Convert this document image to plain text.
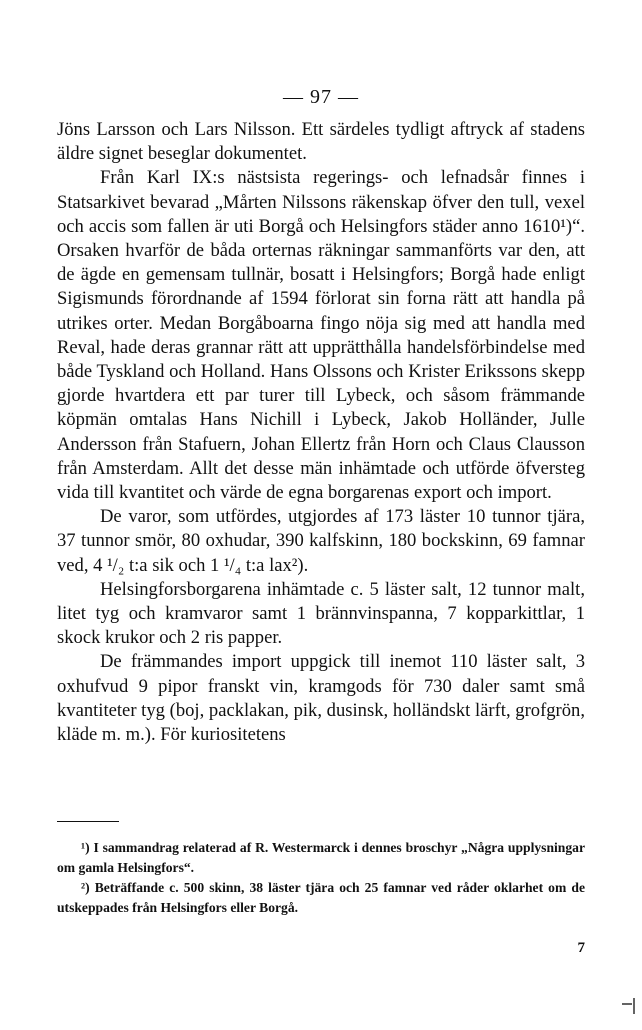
— 97 —

Jöns Larsson och Lars Nilsson. Ett särdeles tydligt aftryck af stadens äldre signet beseglar dokumentet.

Från Karl IX:s nästsista regerings- och lefnadsår finnes i Statsarkivet bevarad „Mårten Nilssons räkenskap öfver den tull, vexel och accis som fallen är uti Borgå och Helsingfors städer anno 1610¹)“. Orsaken hvarför de båda orternas räkningar sammanförts var den, att de ägde en gemensam tullnär, bosatt i Helsingfors; Borgå hade enligt Sigismunds förordnande af 1594 förlorat sin forna rätt att handla på utrikes orter. Medan Borgåboarna fingo nöja sig med att handla med Reval, hade deras grannar rätt att upprätthålla handelsförbindelse med både Tyskland och Holland. Hans Olssons och Krister Erikssons skepp gjorde hvartdera ett par turer till Lybeck, och såsom främmande köpmän omtalas Hans Nichill i Lybeck, Jakob Holländer, Julle Andersson från Stafuern, Johan Ellertz från Horn och Claus Clausson från Amsterdam. Allt det desse män inhämtade och utförde öfversteg vida till kvantitet och värde de egna borgarenas export och import.

De varor, som utfördes, utgjordes af 173 läster 10 tunnor tjära, 37 tunnor smör, 80 oxhudar, 390 kalfskinn, 180 bockskinn, 69 famnar ved, 4 ¹/₂ t:a sik och 1 ¹/₄ t:a lax²).

Helsingforsborgarena inhämtade c. 5 läster salt, 12 tunnor malt, litet tyg och kramvaror samt 1 brännvinspanna, 7 kopparkittlar, 1 skock krukor och 2 ris papper.

De främmandes import uppgick till inemot 110 läster salt, 3 oxhufvud 9 pipor franskt vin, kramgods för 730 daler samt små kvantiteter tyg (boj, packlakan, pik, dusinsk, holländskt lärft, grofgrön, kläde m. m.). För kuriositetens

¹) I sammandrag relaterad af R. Westermarck i dennes broschyr „Några upplysningar om gamla Helsingfors“.

²) Beträffande c. 500 skinn, 38 läster tjära och 25 famnar ved råder oklarhet om de utskeppades från Helsingfors eller Borgå.

7
